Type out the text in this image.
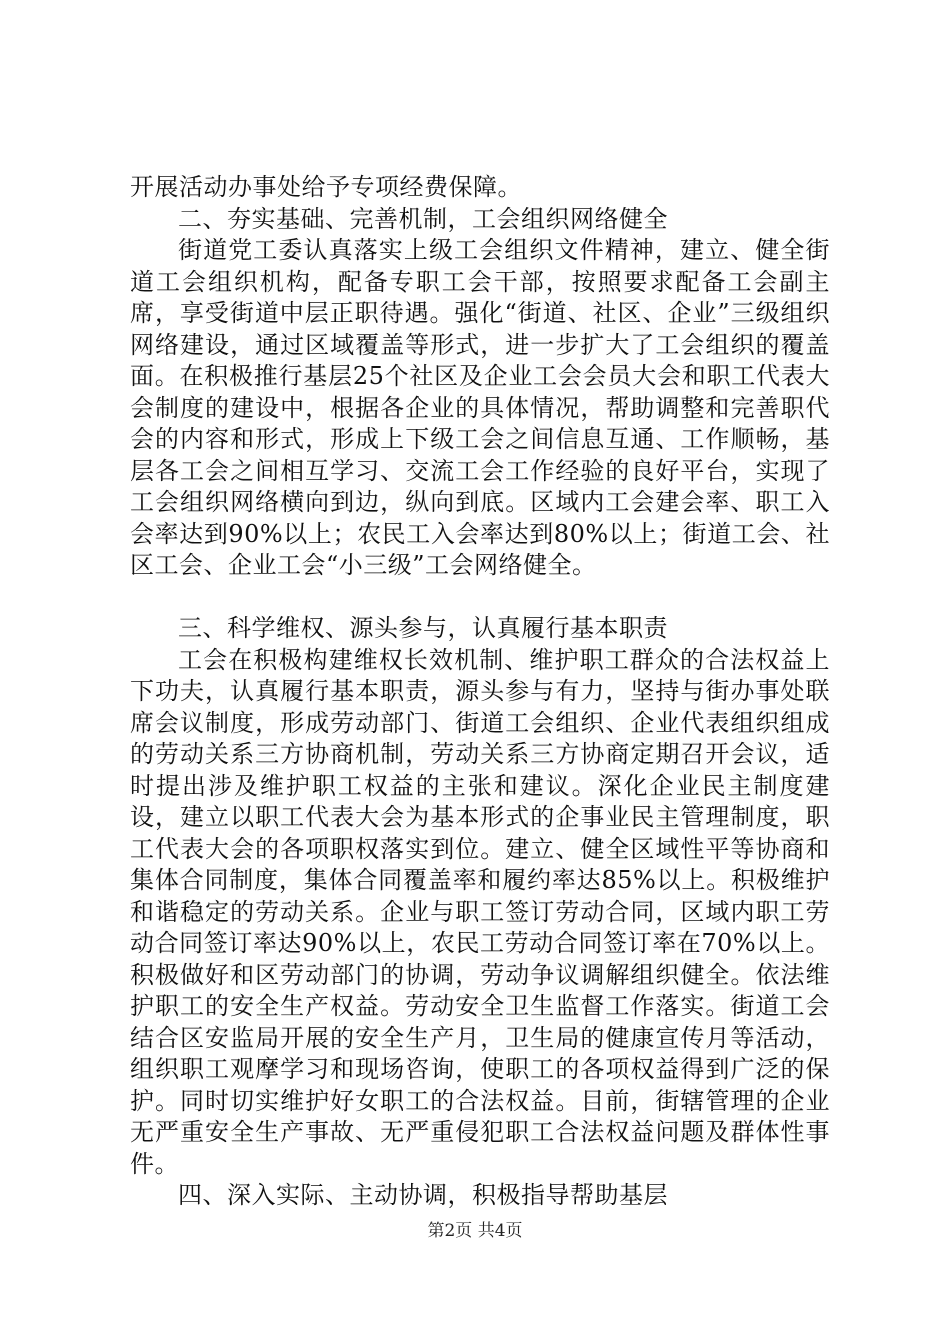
开展活动办事处给予专项经费保障。

二、夯实基础、完善机制，工会组织网络健全

街道党工委认真落实上级工会组织文件精神，建立、健全街道工会组织机构，配备专职工会干部，按照要求配备工会副主席，享受街道中层正职待遇。强化“街道、社区、企业”三级组织网络建设，通过区域覆盖等形式，进一步扩大了工会组织的覆盖面。在积极推行基层25个社区及企业工会会员大会和职工代表大会制度的建设中，根据各企业的具体情况，帮助调整和完善职代会的内容和形式，形成上下级工会之间信息互通、工作顺畅，基层各工会之间相互学习、交流工会工作经验的良好平台，实现了工会组织网络横向到边，纵向到底。区域内工会建会率、职工入会率达到90%以上；农民工入会率达到80%以上；街道工会、社区工会、企业工会“小三级”工会网络健全。

三、科学维权、源头参与，认真履行基本职责

工会在积极构建维权长效机制、维护职工群众的合法权益上下功夫，认真履行基本职责，源头参与有力，坚持与街办事处联席会议制度，形成劳动部门、街道工会组织、企业代表组织组成的劳动关系三方协商机制，劳动关系三方协商定期召开会议，适时提出涉及维护职工权益的主张和建议。深化企业民主制度建设，建立以职工代表大会为基本形式的企事业民主管理制度，职工代表大会的各项职权落实到位。建立、健全区域性平等协商和集体合同制度，集体合同覆盖率和履约率达85%以上。积极维护和谐稳定的劳动关系。企业与职工签订劳动合同，区域内职工劳动合同签订率达90%以上，农民工劳动合同签订率在70%以上。积极做好和区劳动部门的协调，劳动争议调解组织健全。依法维护职工的安全生产权益。劳动安全卫生监督工作落实。街道工会结合区安监局开展的安全生产月，卫生局的健康宣传月等活动，组织职工观摩学习和现场咨询，使职工的各项权益得到广泛的保护。同时切实维护好女职工的合法权益。目前，街辖管理的企业无严重安全生产事故、无严重侵犯职工合法权益问题及群体性事件。

四、深入实际、主动协调，积极指导帮助基层

第2页 共4页
